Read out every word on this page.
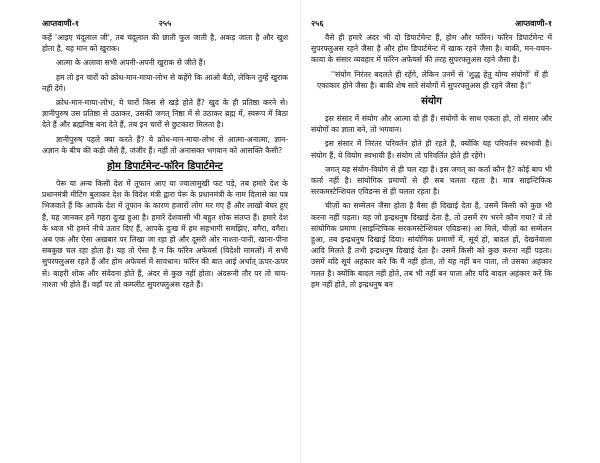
आप्तवाणी-१	२५५

कहें 'आइए चंदूलाल जी', तब चंदूलाल की छाती फूल जाती है, अकड़ जाता है और खुश होता है, यह मान को खुराक।

आत्मा के अलावा सभी अपनी-अपनी खुराक से जीते हैं।

हम तो इन चारों को क्रोध-मान-माया-लोभ से कहेंगे कि आओ बैठो, लेकिन तुम्हें खुराक नहीं देंगे।

क्रोध-मान-माया-लोभ, ये चारों किस से खड़े होते हैं? खुद के ही प्रतिष्ठा करने से। ज्ञानीपुरुष उस प्रतिष्ठा से उठाकर, उसकी जगत् निष्ठा में से उठाकर ब्रह्म में, स्वरूप में बिठा देते हैं और ब्रह्मनिष्ठ बना देते हैं, तब इन चारों से छुटकारा मिलता है।

ज्ञानीपुरुष पहले क्या करते हैं? ये क्रोध-मान-माया-लोभ से आत्मा-अनात्मा, ज्ञान-अज्ञान के बीच की कड़ी जैसे हैं, जंजीर हैं। नहीं तो अनासक्त भगवान को आसक्ति कैसी?

होम डिपार्टमेन्ट-फॉरेन डिपार्टमेन्ट

पेरू या अन्य किसी देश में तूफान आए या ज्वालामुखी फट पड़े, तब हमारे देश के प्रधानमंत्री मीटिंग बुलाकर देश के विदेश मंत्री द्वारा पेरू के प्रधानमंत्री के नाम दिलासे का पत्र भिजवाते हैं कि आपके देश में तूफान के कारण हजारों लोग मर गए हैं और लाखों बेघर हुए हैं, यह जानकर हमें गहरा दुःख हुआ है। हमारे देशवासी भी बहुत शोक संतप्त हैं। हमारे देश के ध्वज भी हमने नीचे उतार दिए हैं, आपके दुःख में हम सहभागी समझिए, वगैरा, वगैरा। अब एक और ऐसा अखबार पर लिखा जा रहा हो और दूसरी ओर नाश्ता-पानी, खाना-पीना सबकुछ चल रहा होता है। यह तो ऐसा है न कि फॉरेन अफेयर्स (विदेशी मामलों) में सभी सुपरफ्लुअस रहते हैं और होम अफेयर्स में सावधान। फॉरेन की बात आई अर्थात् ऊपर-ऊपर से। बाहरी शोक और संवेदना होते हैं, अंदर से कुछ नहीं होता। अंदरूनी तौर पर तो चाय-नाश्ता भी होते हैं। वहाँ पर तो कम्प्लीट सुपरफ्लुअस रहते हैं।

२५६	आप्तवाणी-१

वैसे ही हमारे अंदर भी दो डिपार्टमेन्ट हैं, होम और फॉरेन। फॉरेन डिपार्टमेन्ट में सुपरफ्लुअस रहने जैसा है और होम डिपार्टमेन्ट में खाक रहने जैसा है। बाकी, मन-वचन-काया के संसार व्यवहार में फॉरेन अफेयर्स की तरह सुपरफ्लुअस रहने जैसा है।

''संयोग निरंतर बदलते ही रहेंगे, लेकिन उनमें से 'शुद्ध हेतु योग्य संयोगों' में ही एकाकार होने जैसा है। बाकी शेष सारे संयोगों में सुपरफ्लुअस ही रहने जैसा है।''

संयोग

इस संसार में संयोग और आत्मा दो ही हैं। संयोगों के साथ एकता हो, तो संसार और संयोगों का ज्ञाता बने, तो भगवान।

इस संसार में निरंतर परिवर्तन होते ही रहते हैं, क्योंकि यह परिवर्तन स्वभावी है। संयोग हैं, ये वियोग स्वभावी हैं। संयोग तो परिवर्तित होते ही रहेंगे।

जगत् यह संयोग-वियोग से ही चल रहा है। इस जगत् का कर्ता कौन है? कोई बाप भी कर्ता नहीं है। सांयोगिक प्रमाणों से ही सब चलता रहता है। मात्र साइन्टिफिक सरकमस्टेन्शियल एविडन्स से ही चलता रहता है।

चीज़ों का सम्मेलन जैसा होता है वैसा ही दिखाई देता है, उसमें किसी को कुछ भी करना नहीं पड़ता। यह जो इन्द्रधनुष दिखाई देता है, तो उसमें रंग भरने कौन गया? ये तो सांयोगिक प्रमाण (साइन्टिफिक सरकमस्टेन्शियल एविडन्स) आ मिले, चीज़ों का सम्मेलन हुआ, तब इन्द्रधनुष दिखाई दिया। सांयोगिक प्रमाणों में, सूर्य हो, बादल हों, देखनेवाला आदि मिलते हैं तभी इन्द्रधनुष दिखाई देता है। उसमें किसी को कुछ करना नहीं पड़ता। उसमें यदि सूर्य अहंकार करे कि मैं नहीं होता, तो यह नहीं बन पाता, तो उसका अहंकार गलत है। क्योंकि बादल नहीं होते, तब भी नहीं बन पाता और यदि बादल अहंकार करें कि हम नहीं होते, तो इन्द्रधनुष बन
